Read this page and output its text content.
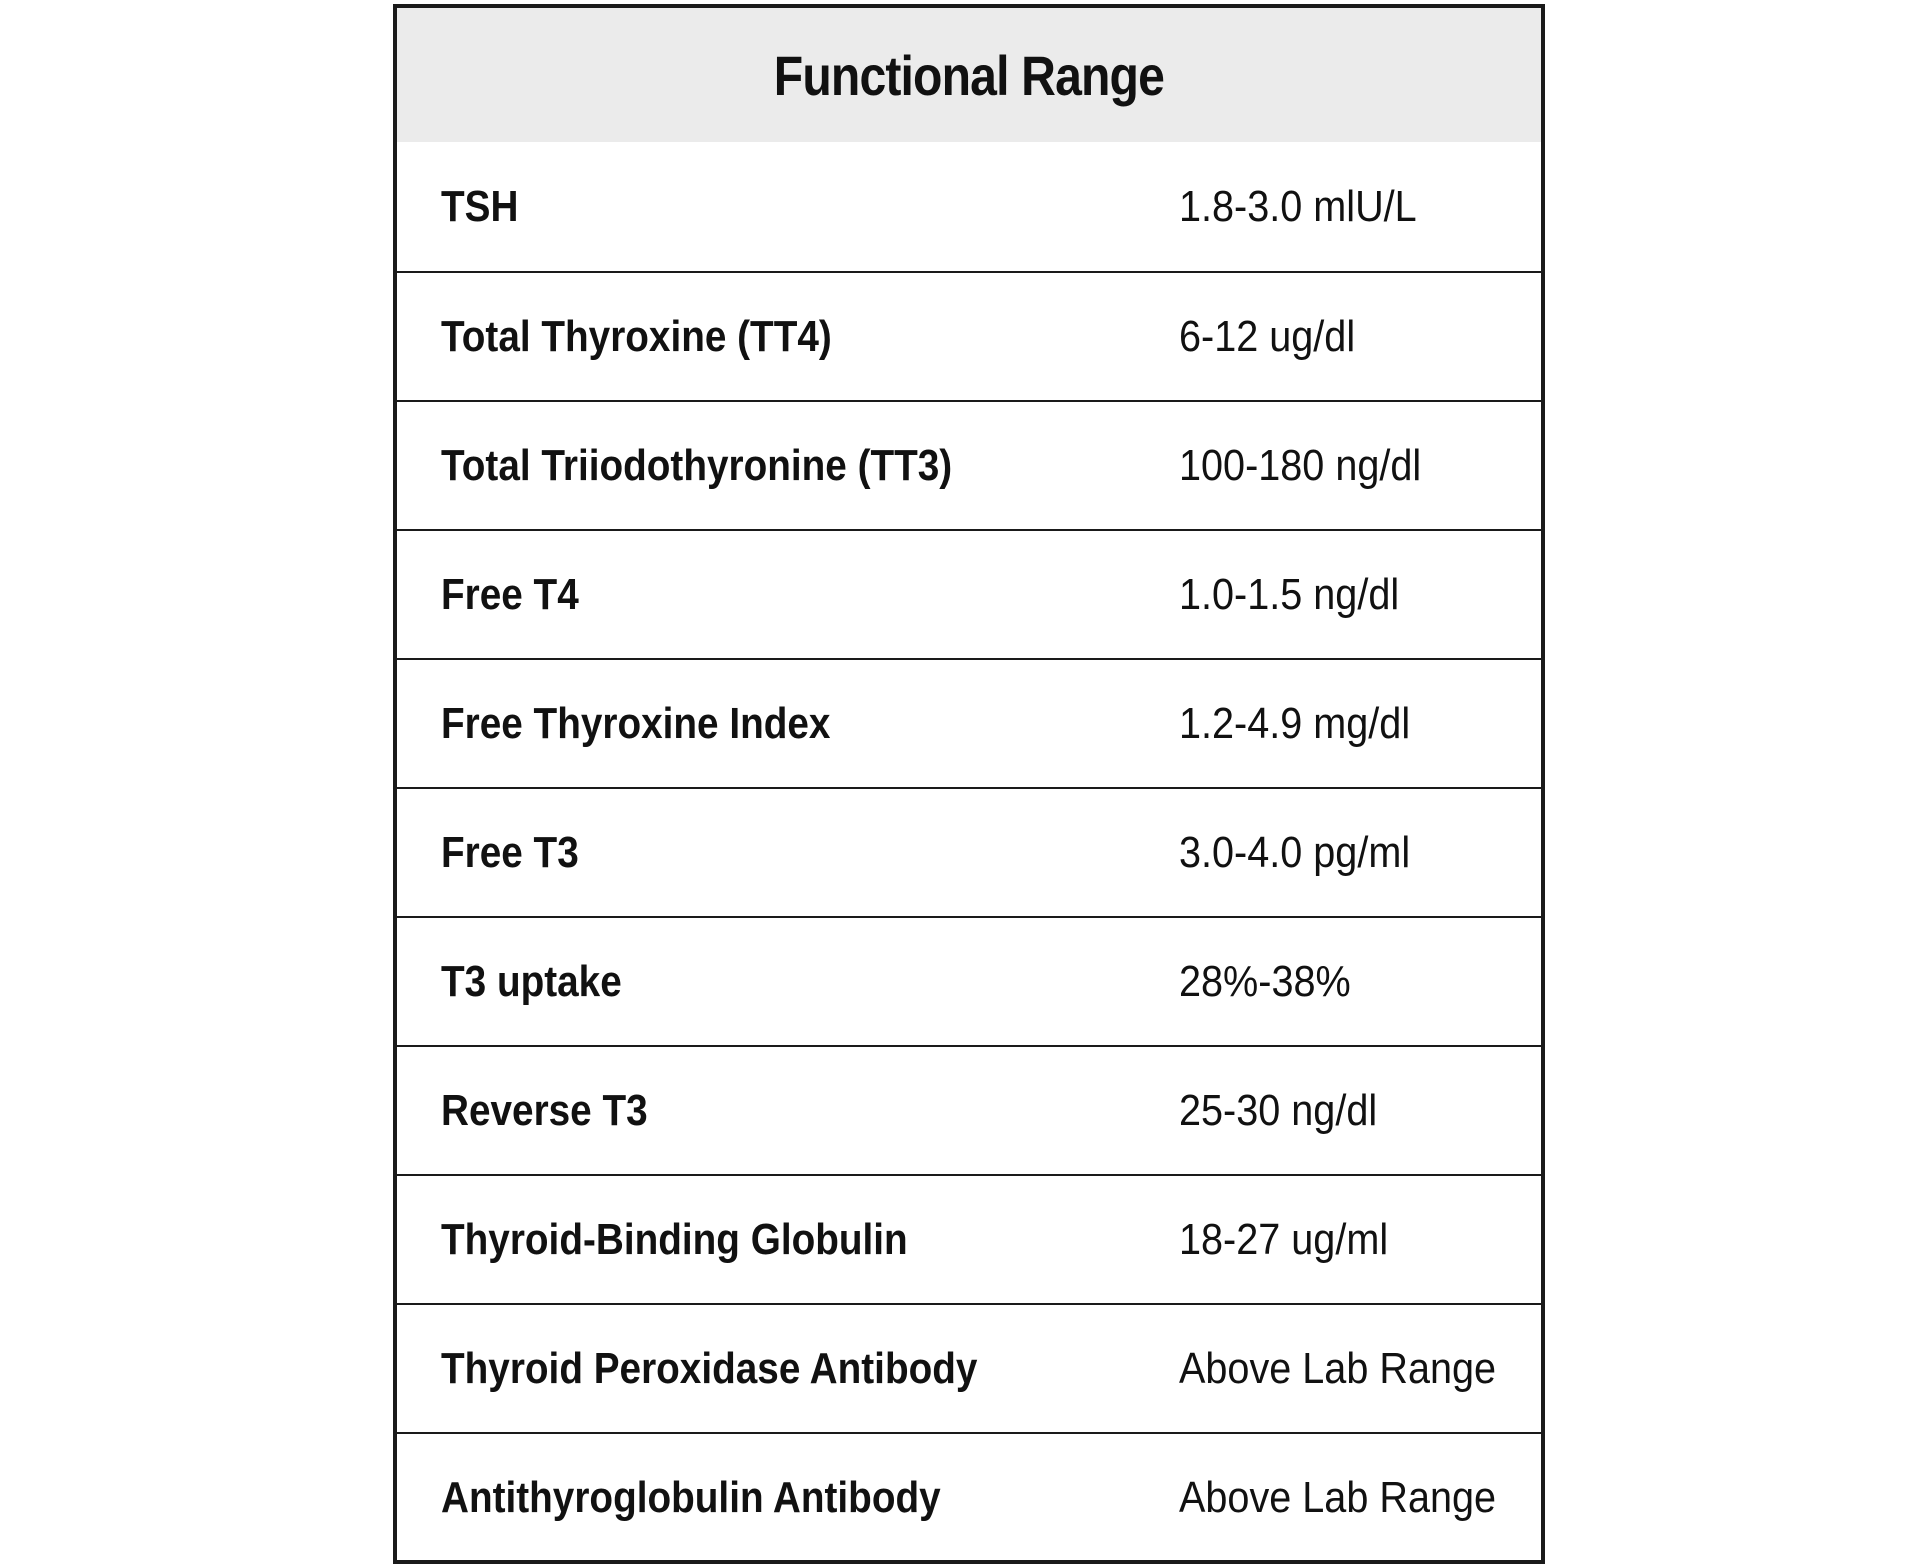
Functional Range
TSH	1.8-3.0 mlU/L
Total Thyroxine (TT4)	6-12 ug/dl
Total Triiodothyronine (TT3)	100-180 ng/dl
Free T4	1.0-1.5 ng/dl
Free Thyroxine Index	1.2-4.9 mg/dl
Free T3	3.0-4.0 pg/ml
T3 uptake	28%-38%
Reverse T3	25-30 ng/dl
Thyroid-Binding Globulin	18-27 ug/ml
Thyroid Peroxidase Antibody	Above Lab Range
Antithyroglobulin Antibody	Above Lab Range
